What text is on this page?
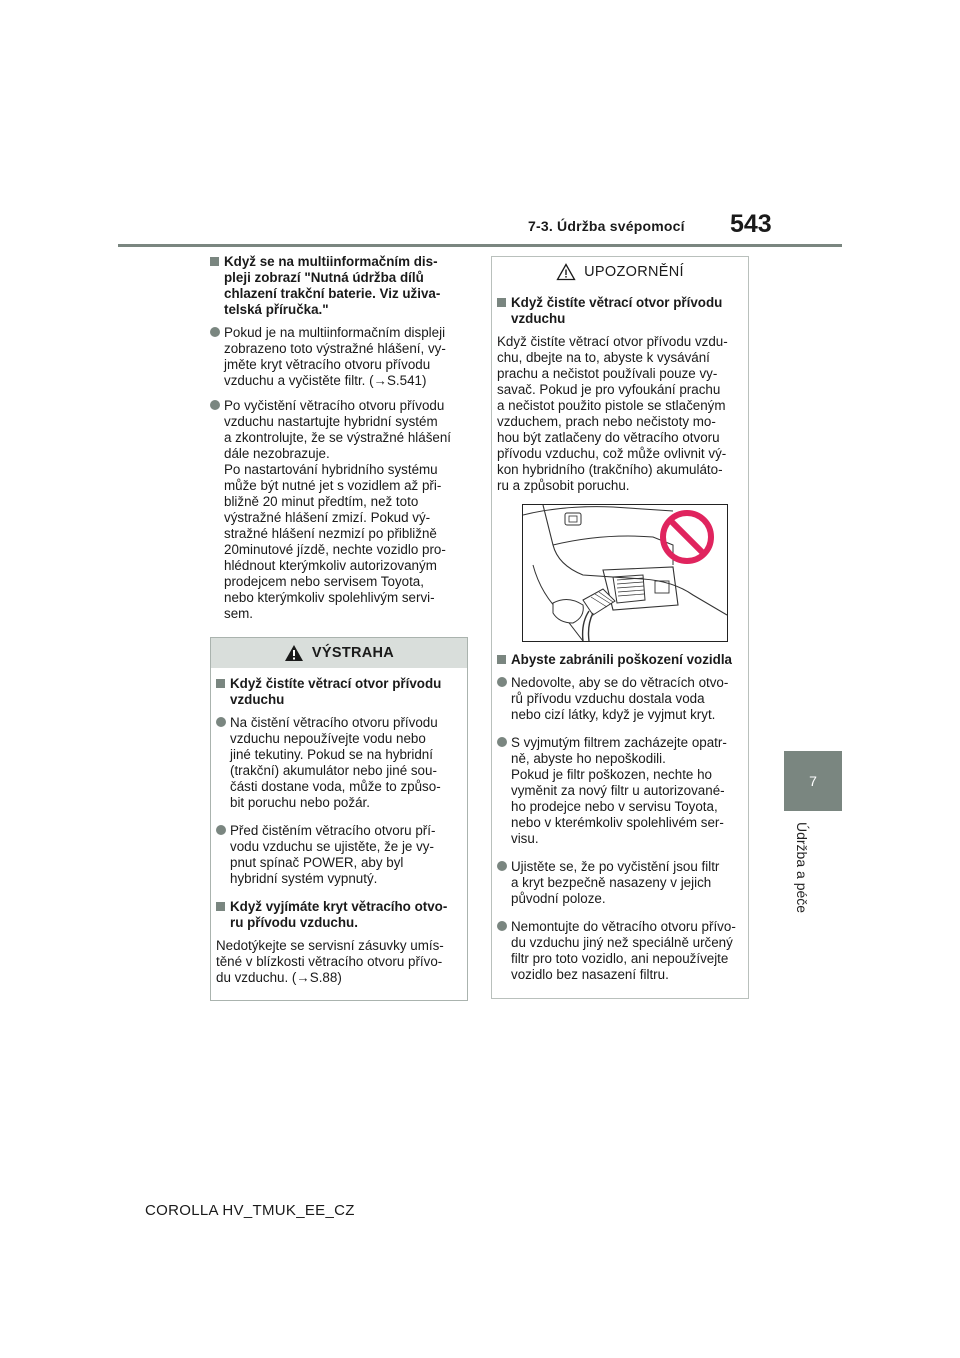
7-3. Údržba svépomocí 543
7
Údržba a péče
Když se na multiinformačním dis-
pleji zobrazí "Nutná údržba dílů
chlazení trakční baterie. Viz uživa-
telská příručka."
Pokud je na multiinformačním displeji
zobrazeno toto výstražné hlášení, vy-
jměte kryt větracího otvoru přívodu
vzduchu a vyčistěte filtr. (→S.541)
Po vyčistění větracího otvoru přívodu
vzduchu nastartujte hybridní systém
a zkontrolujte, že se výstražné hlášení
dále nezobrazuje.
Po nastartování hybridního systému
může být nutné jet s vozidlem až při-
bližně 20 minut předtím, než toto
výstražné hlášení zmizí. Pokud vý-
stražné hlášení nezmizí po přibližně
20minutové jízdě, nechte vozidlo pro-
hlédnout kterýmkoliv autorizovaným
prodejcem nebo servisem Toyota,
nebo kterýmkoliv spolehlivým servi-
sem.
VÝSTRAHA
Když čistíte větrací otvor přívodu
vzduchu
Na čistění větracího otvoru přívodu
vzduchu nepoužívejte vodu nebo
jiné tekutiny. Pokud se na hybridní
(trakční) akumulátor nebo jiné sou-
části dostane voda, může to způso-
bit poruchu nebo požár.
Před čistěním větracího otvoru pří-
vodu vzduchu se ujistěte, že je vy-
pnut spínač POWER, aby byl
hybridní systém vypnutý.
Když vyjímáte kryt větracího otvo-
ru přívodu vzduchu.
Nedotýkejte se servisní zásuvky umís-
těné v blízkosti větracího otvoru přívo-
du vzduchu. (→S.88)
UPOZORNĚNÍ
Když čistíte větrací otvor přívodu
vzduchu
Když čistíte větrací otvor přívodu vzdu-
chu, dbejte na to, abyste k vysávání
prachu a nečistot používali pouze vy-
savač. Pokud je pro vyfoukání prachu
a nečistot použito pistole se stlačeným
vzduchem, prach nebo nečistoty mo-
hou být zatlačeny do větracího otvoru
přívodu vzduchu, což může ovlivnit vý-
kon hybridního (trakčního) akumuláto-
ru a způsobit poruchu.
Abyste zabránili poškození vozidla
Nedovolte, aby se do větracích otvo-
rů přívodu vzduchu dostala voda
nebo cizí látky, když je vyjmut kryt.
S vyjmutým filtrem zacházejte opatr-
ně, abyste ho nepoškodili.
Pokud je filtr poškozen, nechte ho
vyměnit za nový filtr u autorizované-
ho prodejce nebo v servisu Toyota,
nebo v kterémkoliv spolehlivém ser-
visu.
Ujistěte se, že po vyčistění jsou filtr
a kryt bezpečně nasazeny v jejich
původní poloze.
Nemontujte do větracího otvoru přívo-
du vzduchu jiný než speciálně určený
filtr pro toto vozidlo, ani nepoužívejte
vozidlo bez nasazení filtru.
COROLLA HV_TMUK_EE_CZ
